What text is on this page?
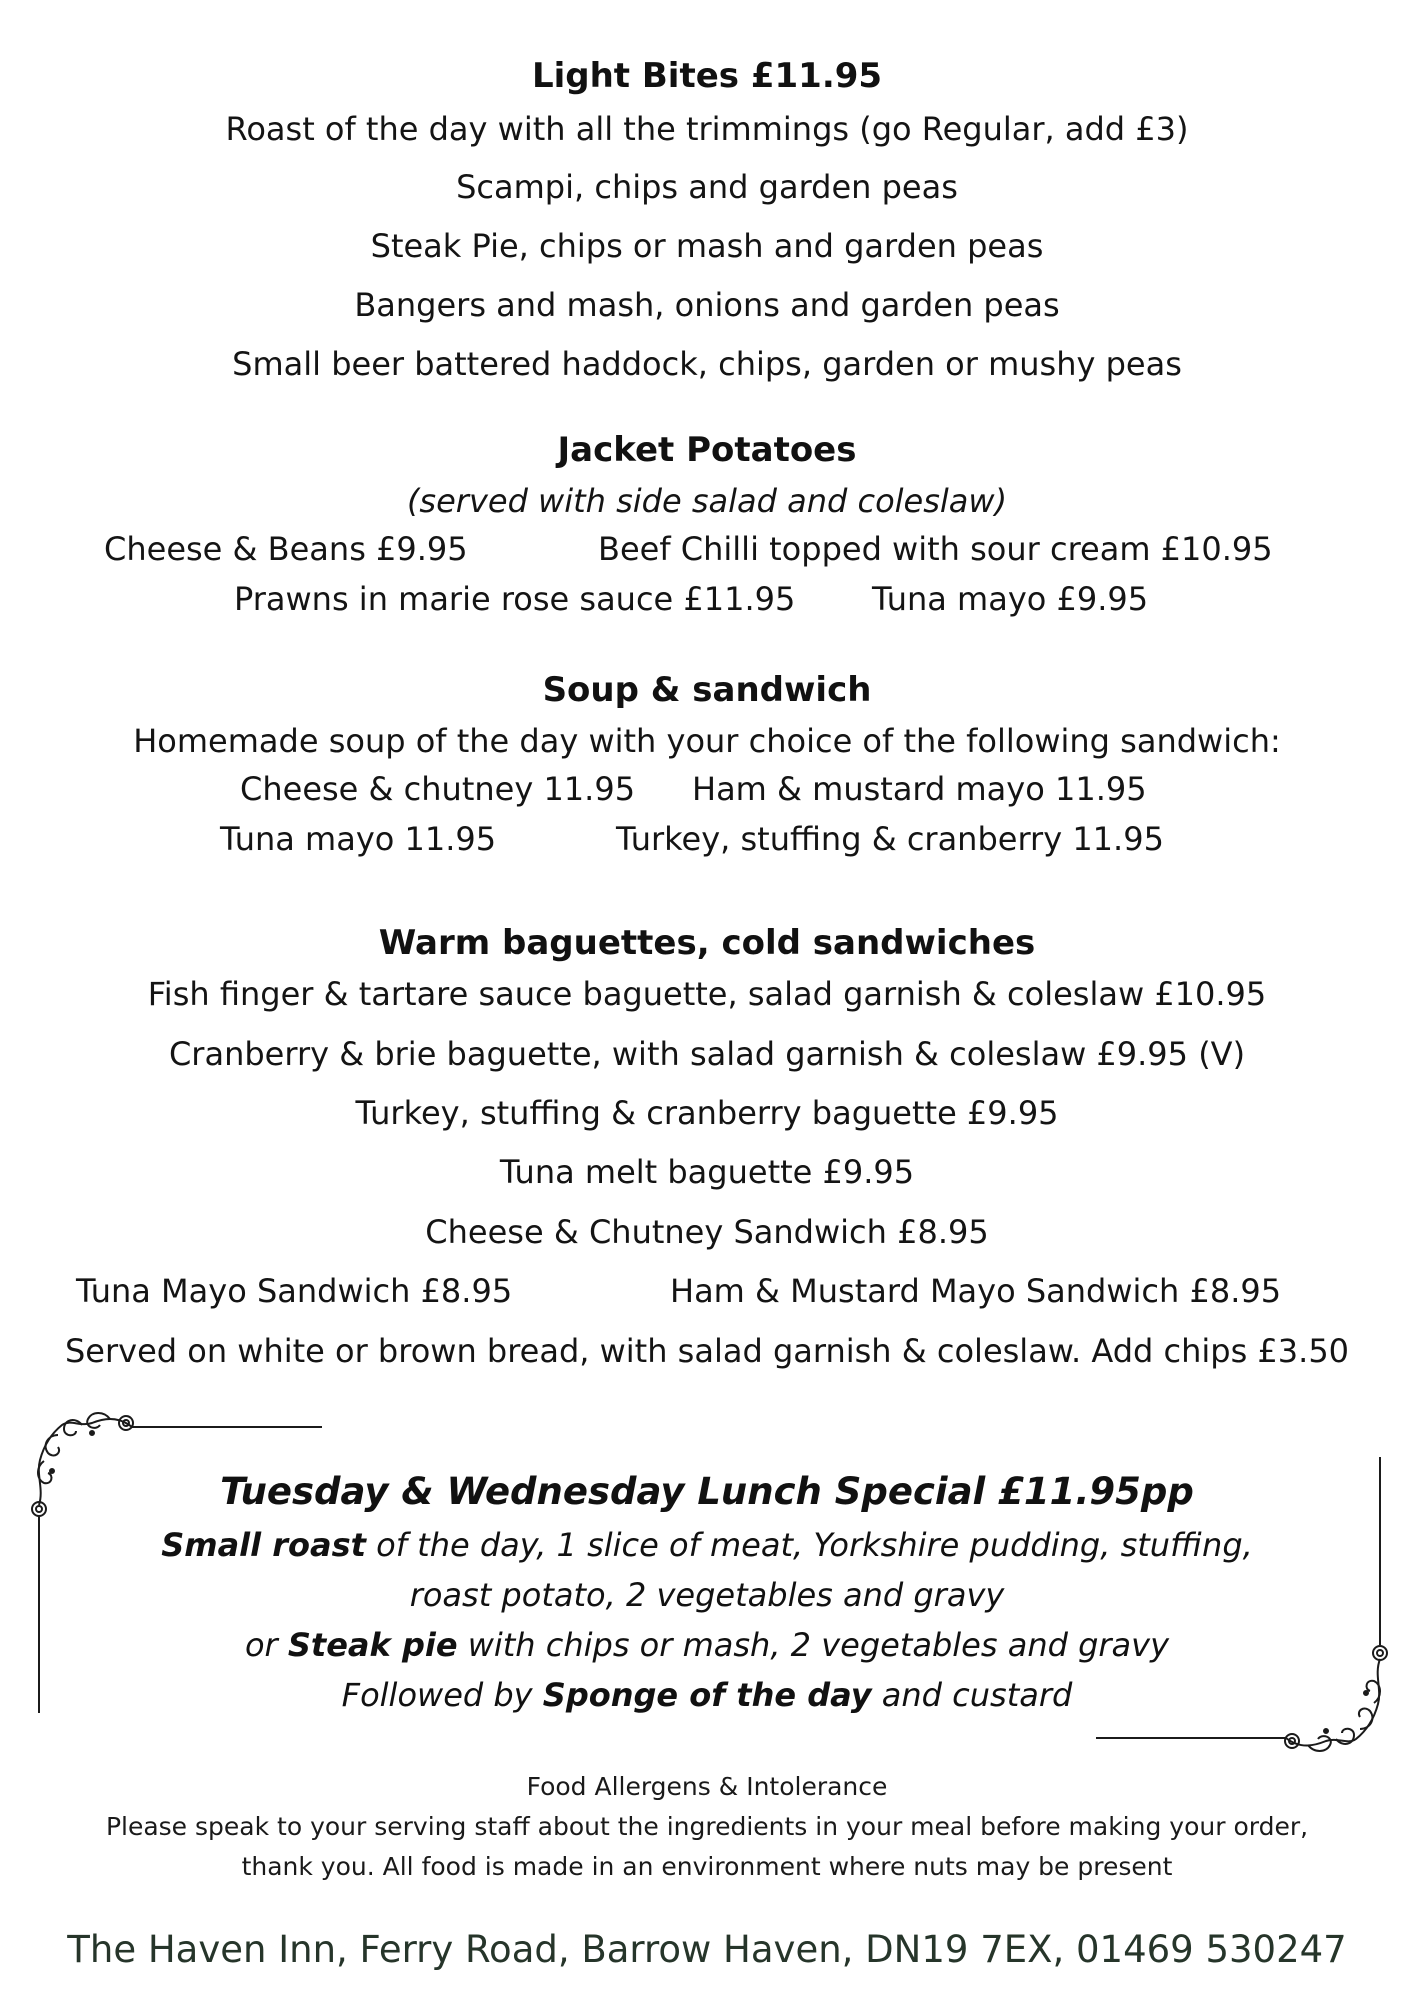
Light Bites £11.95
Roast of the day with all the trimmings (go Regular, add £3)
Scampi, chips and garden peas
Steak Pie, chips or mash and garden peas
Bangers and mash, onions and garden peas
Small beer battered haddock, chips, garden or mushy peas
Jacket Potatoes
(served with side salad and coleslaw)
Cheese & Beans £9.95	Beef Chilli topped with sour cream £10.95
Prawns in marie rose sauce £11.95 Tuna mayo £9.95
Soup & sandwich
Homemade soup of the day with your choice of the following sandwich:
Cheese & chutney 11.95 Ham & mustard mayo 11.95
Tuna mayo 11.95	Turkey, stuffing & cranberry 11.95
Warm baguettes, cold sandwiches
Fish finger & tartare sauce baguette, salad garnish & coleslaw £10.95
Cranberry & brie baguette, with salad garnish & coleslaw £9.95 (V)
Turkey, stuffing & cranberry baguette £9.95
Tuna melt baguette £9.95
Cheese & Chutney Sandwich £8.95
Tuna Mayo Sandwich £8.95	Ham & Mustard Mayo Sandwich £8.95
Served on white or brown bread, with salad garnish & coleslaw. Add chips £3.50
Tuesday & Wednesday Lunch Special £11.95pp
Small roast of the day, 1 slice of meat, Yorkshire pudding, stuffing,
roast potato, 2 vegetables and gravy
or Steak pie with chips or mash, 2 vegetables and gravy
Followed by Sponge of the day and custard
Food Allergens & Intolerance
Please speak to your serving staff about the ingredients in your meal before making your order,
thank you. All food is made in an environment where nuts may be present
The Haven Inn, Ferry Road, Barrow Haven, DN19 7EX, 01469 530247
